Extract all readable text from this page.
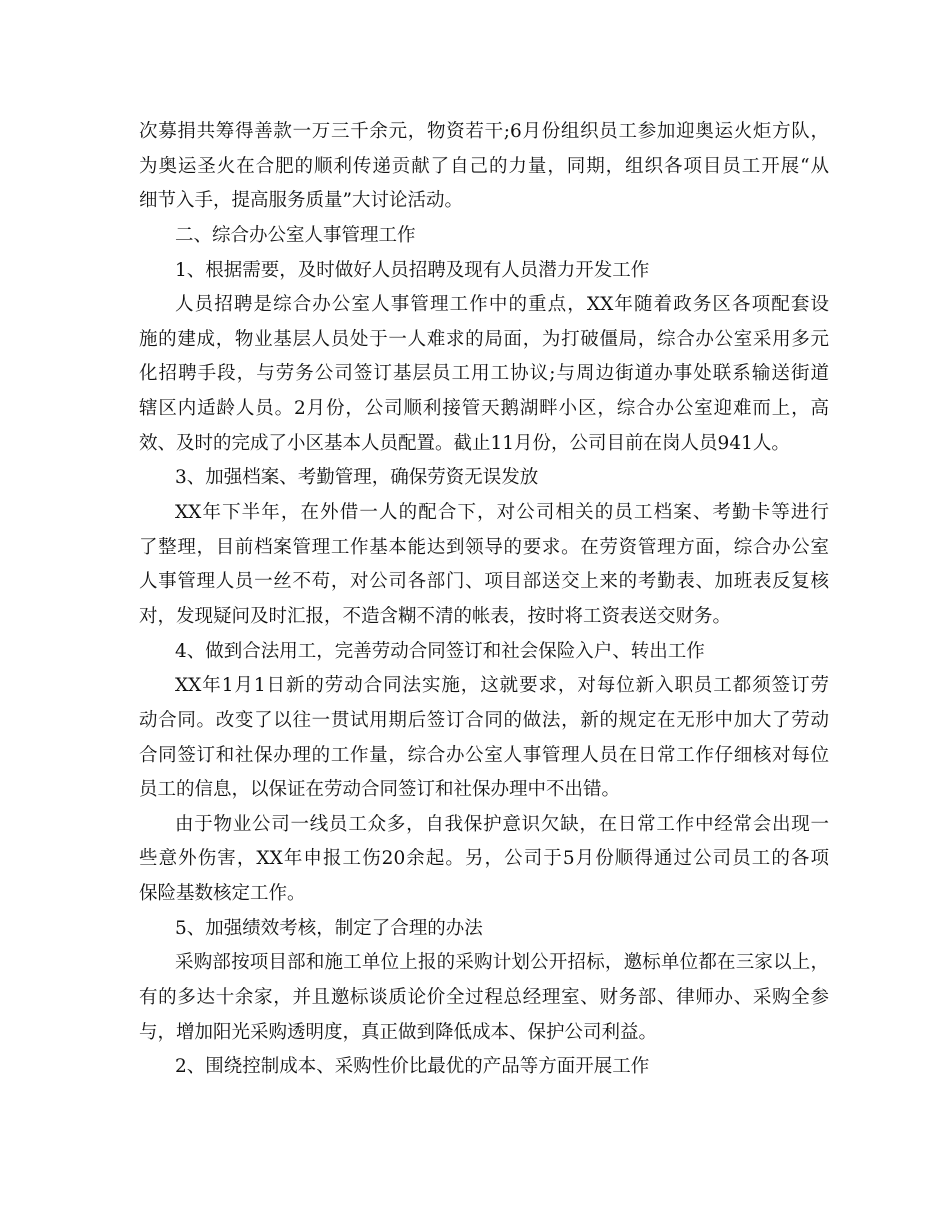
次募捐共筹得善款一万三千余元，物资若干;6月份组织员工参加迎奥运火炬方队，
为奥运圣火在合肥的顺利传递贡献了自己的力量，同期，组织各项目员工开展“从
细节入手，提高服务质量”大讨论活动。
二、综合办公室人事管理工作
1、根据需要，及时做好人员招聘及现有人员潜力开发工作
人员招聘是综合办公室人事管理工作中的重点，XX年随着政务区各项配套设
施的建成，物业基层人员处于一人难求的局面，为打破僵局，综合办公室采用多元
化招聘手段，与劳务公司签订基层员工用工协议;与周边街道办事处联系输送街道
辖区内适龄人员。2月份，公司顺利接管天鹅湖畔小区，综合办公室迎难而上，高
效、及时的完成了小区基本人员配置。截止11月份，公司目前在岗人员941人。
3、加强档案、考勤管理，确保劳资无误发放
XX年下半年，在外借一人的配合下，对公司相关的员工档案、考勤卡等进行
了整理，目前档案管理工作基本能达到领导的要求。在劳资管理方面，综合办公室
人事管理人员一丝不苟，对公司各部门、项目部送交上来的考勤表、加班表反复核
对，发现疑问及时汇报，不造含糊不清的帐表，按时将工资表送交财务。
4、做到合法用工，完善劳动合同签订和社会保险入户、转出工作
XX年1月1日新的劳动合同法实施，这就要求，对每位新入职员工都须签订劳
动合同。改变了以往一贯试用期后签订合同的做法，新的规定在无形中加大了劳动
合同签订和社保办理的工作量，综合办公室人事管理人员在日常工作仔细核对每位
员工的信息，以保证在劳动合同签订和社保办理中不出错。
由于物业公司一线员工众多，自我保护意识欠缺，在日常工作中经常会出现一
些意外伤害，XX年申报工伤20余起。另，公司于5月份顺得通过公司员工的各项
保险基数核定工作。
5、加强绩效考核，制定了合理的办法
采购部按项目部和施工单位上报的采购计划公开招标，邀标单位都在三家以上，
有的多达十余家，并且邀标谈质论价全过程总经理室、财务部、律师办、采购全参
与，增加阳光采购透明度，真正做到降低成本、保护公司利益。
2、围绕控制成本、采购性价比最优的产品等方面开展工作
